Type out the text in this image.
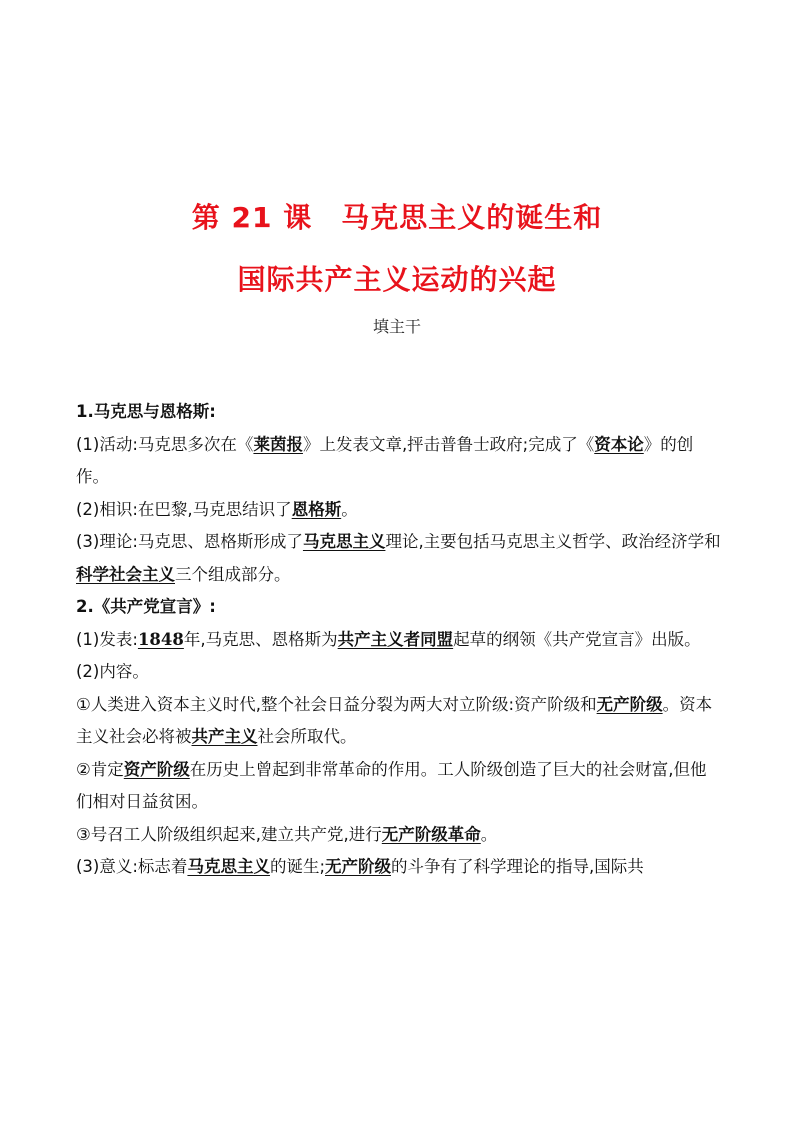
第 21 课　马克思主义的诞生和
国际共产主义运动的兴起
填主干

1.马克思与恩格斯:

(1)活动:马克思多次在《莱茵报》上发表文章,抨击普鲁士政府;完成了《资本论》的创作。

(2)相识:在巴黎,马克思结识了恩格斯。

(3)理论:马克思、恩格斯形成了马克思主义理论,主要包括马克思主义哲学、政治经济学和科学社会主义三个组成部分。

2.《共产党宣言》:

(1)发表:1848年,马克思、恩格斯为共产主义者同盟起草的纲领《共产党宣言》出版。

(2)内容。

①人类进入资本主义时代,整个社会日益分裂为两大对立阶级:资产阶级和无产阶级。资本主义社会必将被共产主义社会所取代。

②肯定资产阶级在历史上曾起到非常革命的作用。工人阶级创造了巨大的社会财富,但他们相对日益贫困。

③号召工人阶级组织起来,建立共产党,进行无产阶级革命。

(3)意义:标志着马克思主义的诞生;无产阶级的斗争有了科学理论的指导,国际共
